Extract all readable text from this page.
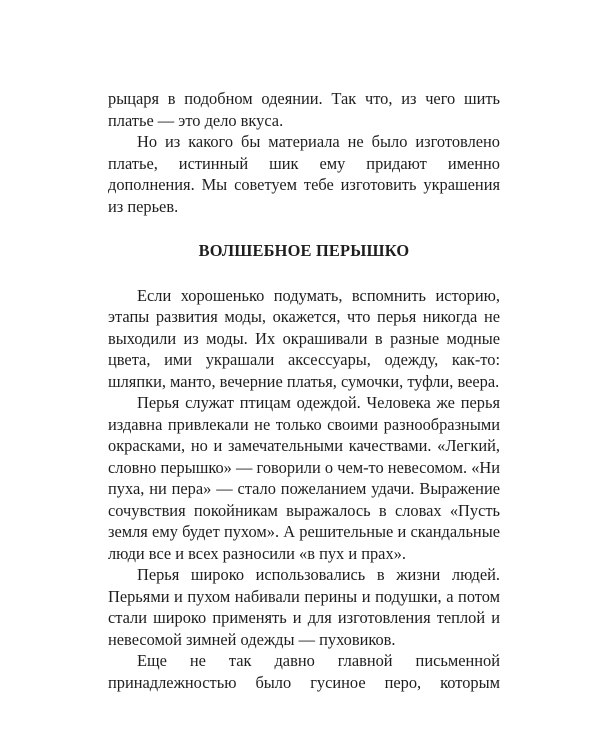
рыцаря в подобном одеянии. Так что, из чего шить платье — это дело вкуса.

Но из какого бы материала не было изготовлено платье, истинный шик ему придают именно дополнения. Мы советуем тебе изготовить украшения из перьев.

ВОЛШЕБНОЕ ПЕРЫШКО

Если хорошенько подумать, вспомнить историю, этапы развития моды, окажется, что перья никогда не выходили из моды. Их окрашивали в разные модные цвета, ими украшали аксессуары, одежду, как-то: шляпки, манто, вечерние платья, сумочки, туфли, веера.

Перья служат птицам одеждой. Человека же перья издавна привлекали не только своими разнообразными окрасками, но и замечательными качествами. «Легкий, словно перышко» — говорили о чем-то невесомом. «Ни пуха, ни пера» — стало пожеланием удачи. Выражение сочувствия покойникам выражалось в словах «Пусть земля ему будет пухом». А решительные и скандальные люди все и всех разносили «в пух и прах».

Перья широко использовались в жизни людей. Перьями и пухом набивали перины и подушки, а потом стали широко применять и для изготовления теплой и невесомой зимней одежды — пуховиков.

Еще не так давно главной письменной принадлежностью было гусиное перо, которым
